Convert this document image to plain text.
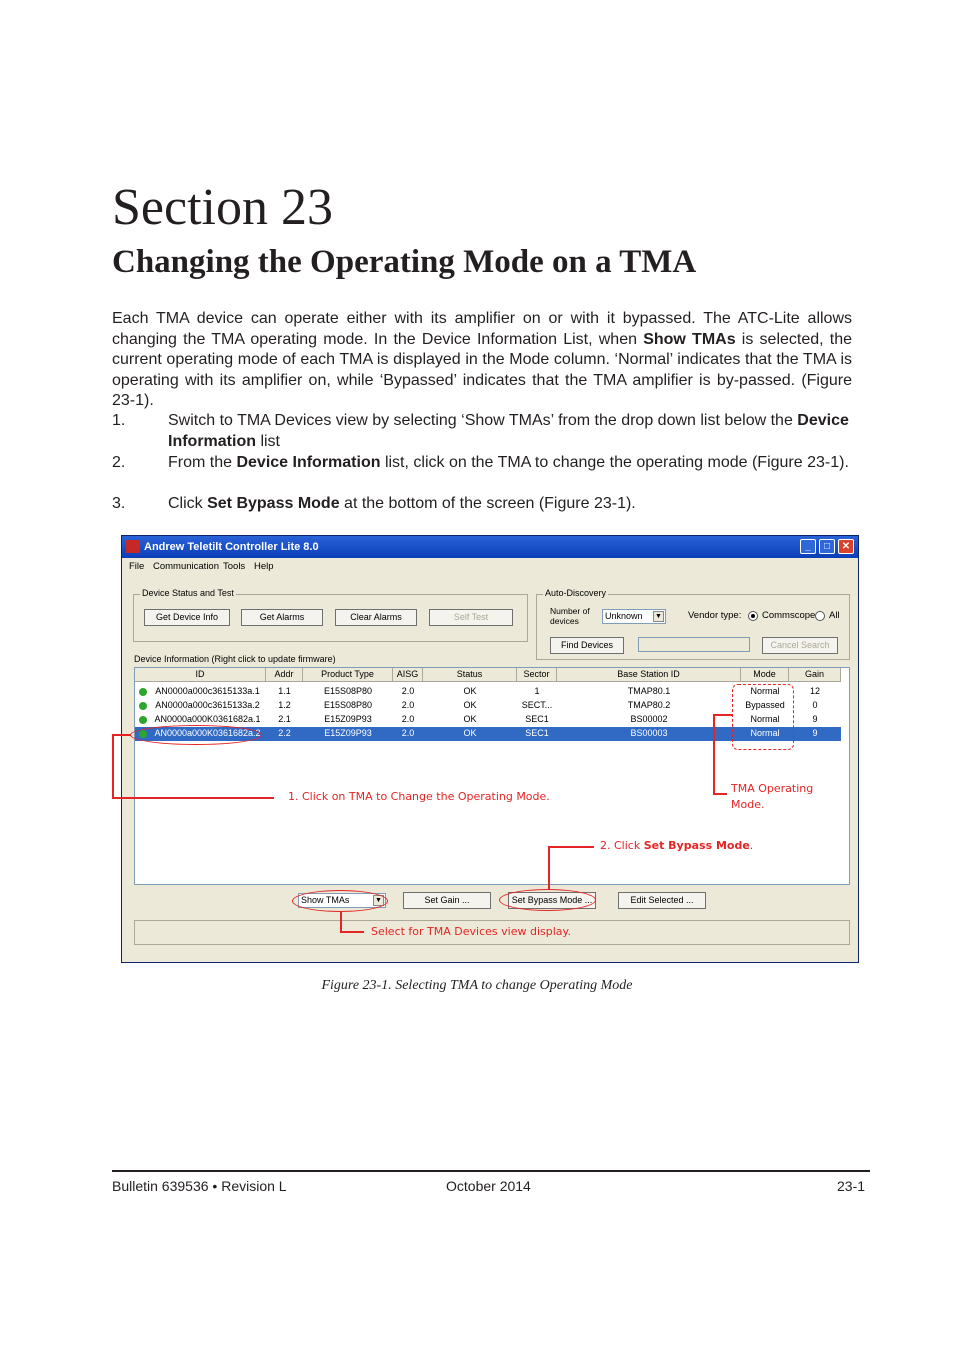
Section 23
Changing the Operating Mode on a TMA

Each TMA device can operate either with its amplifier on or with it bypassed. The ATC-Lite allows changing the TMA operating mode. In the Device Information List, when Show TMAs is selected, the current operating mode of each TMA is displayed in the Mode column. ‘Normal’ indicates that the TMA is operating with its amplifier on, while ‘Bypassed’ indicates that the TMA amplifier is by-passed. (Figure 23-1).

1.	Switch to TMA Devices view by selecting ‘Show TMAs’ from the drop down list below the Device Information list
2.	From the Device Information list, click on the TMA to change the operating mode (Figure 23-1).
3.	Click Set Bypass Mode at the bottom of the screen (Figure 23-1).
Andrew Teletilt Controller Lite 8.0	_	□	✕
File Communication Tools Help
Device Status and Test
Get Device Info	Get Alarms	Clear Alarms	Self Test
Auto-Discovery
Number of
devices	Unknown ▼	Vendor type: Commscope All
Find Devices	Cancel Search
Device Information (Right click to update firmware)
ID	Addr	Product Type	AISG	Status	Sector	Base Station ID	Mode	Gain
AN0000a000c3615133a.1	1.1	E15S08P80	2.0	OK	1	TMAP80.1	Normal	12
AN0000a000c3615133a.2	1.2	E15S08P80	2.0	OK	SECT...	TMAP80.2	Bypassed	0
AN0000a000K0361682a.1	2.1	E15Z09P93	2.0	OK	SEC1	BS00002	Normal	9
AN0000a000K0361682a.2	2.2	E15Z09P93	2.0	OK	SEC1	BS00003	Normal	9
Show TMAs	▼	Set Gain ...	Set Bypass Mode ...	Edit Selected ...
1. Click on TMA to Change the Operating Mode.
TMA Operating
Mode.
2. Click Set Bypass Mode.
Select for TMA Devices view display.
Figure 23-1. Selecting TMA to change Operating Mode
Bulletin 639536 • Revision L	October 2014	23-1
